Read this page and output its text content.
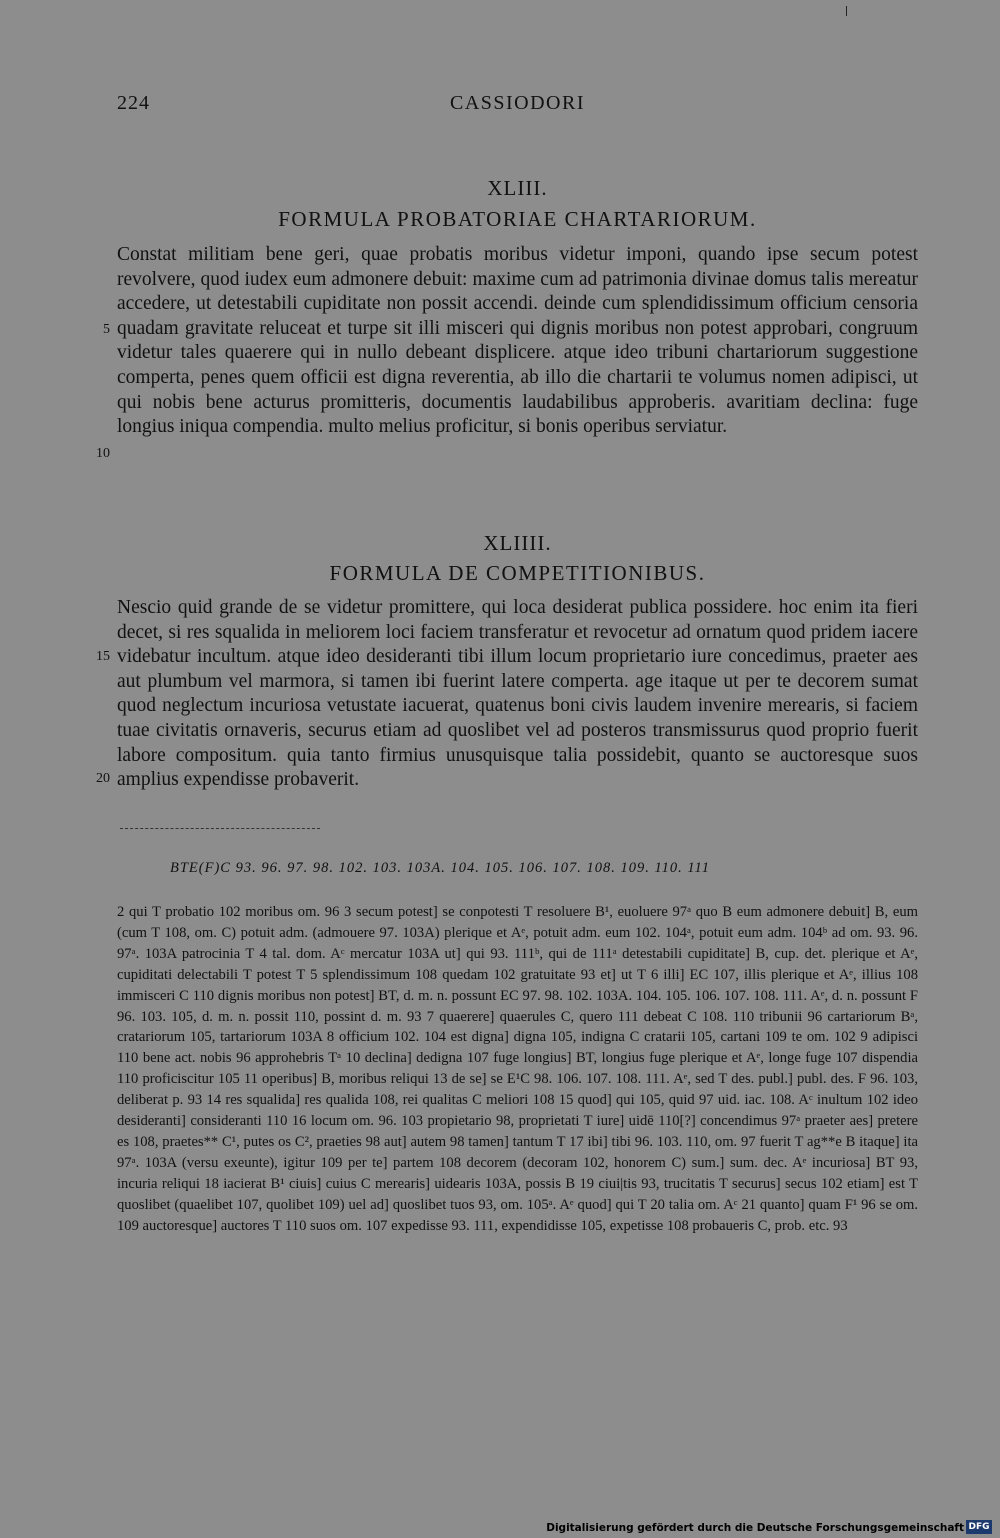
224	CASSIODORI
XLIII.
FORMULA PROBATORIAE CHARTARIORUM.
Constat militiam bene geri, quae probatis moribus videtur imponi, quando ipse secum potest revolvere, quod iudex eum admonere debuit: maxime cum ad patrimonia divinae domus talis mereatur accedere, ut detestabili cupiditate non possit accendi. deinde cum splendidissimum officium censoria quadam gravitate reluceat et turpe sit illi misceri qui dignis moribus non potest approbari, congruum videtur tales quaerere qui in nullo debeant displicere. atque ideo tribuni chartariorum suggestione comperta, penes quem officii est digna reverentia, ab illo die chartarii te volumus nomen adipisci, ut qui nobis bene acturus promitteris, documentis laudabilibus approberis. avaritiam declina: fuge longius iniqua compendia. multo melius proficitur, si bonis operibus serviatur.
XLIIII.
FORMULA DE COMPETITIONIBUS.
Nescio quid grande de se videtur promittere, qui loca desiderat publica possidere. hoc enim ita fieri decet, si res squalida in meliorem loci faciem transferatur et revocetur ad ornatum quod pridem iacere videbatur incultum. atque ideo desideranti tibi illum locum proprietario iure concedimus, praeter aes aut plumbum vel marmora, si tamen ibi fuerint latere comperta. age itaque ut per te decorem sumat quod neglectum incuriosa vetustate iacuerat, quatenus boni civis laudem invenire merearis, si faciem tuae civitatis ornaveris, securus etiam ad quoslibet vel ad posteros transmissurus quod proprio fuerit labore compositum. quia tanto firmius unusquisque talia possidebit, quanto se auctoresque suos amplius expendisse probaverit.
5
10
15
20
BTE(F)C 93. 96. 97. 98. 102. 103. 103A. 104. 105. 106. 107. 108. 109. 110. 111
2 qui T probatio 102 moribus om. 96 3 secum potest] se conpotesti T resoluere B¹, euoluere 97ᵃ quo B eum admonere debuit] B, eum (cum T 108, om. C) potuit adm. (admouere 97. 103A) plerique et Aᵉ, potuit adm. eum 102. 104ᵃ, potuit eum adm. 104ᵇ ad om. 93. 96. 97ᵃ. 103A patrocinia T 4 tal. dom. Aᶜ mercatur 103A ut] qui 93. 111ᵇ, qui de 111ᵃ detestabili cupiditate] B, cup. det. plerique et Aᵉ, cupiditati delectabili T potest T 5 splendissimum 108 quedam 102 gratuitate 93 et] ut T 6 illi] EC 107, illis plerique et Aᵉ, illius 108 immisceri C 110 dignis moribus non potest] BT, d. m. n. possunt EC 97. 98. 102. 103A. 104. 105. 106. 107. 108. 111. Aᵉ, d. n. possunt F 96. 103. 105, d. m. n. possit 110, possint d. m. 93 7 quaerere] quaerules C, quero 111 debeat C 108. 110 tribunii 96 cartariorum Bᵃ, cratariorum 105, tartariorum 103A 8 officium 102. 104 est digna] digna 105, indigna C cratarii 105, cartani 109 te om. 102 9 adipisci 110 bene act. nobis 96 approhebris Tᵃ 10 declina] dedigna 107 fuge longius] BT, longius fuge plerique et Aᵉ, longe fuge 107 dispendia 110 proficiscitur 105 11 operibus] B, moribus reliqui 13 de se] se E¹C 98. 106. 107. 108. 111. Aᵉ, sed T des. publ.] publ. des. F 96. 103, deliberat p. 93 14 res squalida] res qualida 108, rei qualitas C meliori 108 15 quod] qui 105, quid 97 uid. iac. 108. Aᶜ inultum 102 ideo desideranti] consideranti 110 16 locum om. 96. 103 propietario 98, proprietati T iure] uidē 110[?] concendimus 97ᵃ praeter aes] pretere es 108, praetes** C¹, putes os C², praeties 98 aut] autem 98 tamen] tantum T 17 ibi] tibi 96. 103. 110, om. 97 fuerit T ag**e B itaque] ita 97ᵃ. 103A (versu exeunte), igitur 109 per te] partem 108 decorem (decoram 102, honorem C) sum.] sum. dec. Aᵉ incuriosa] BT 93, incuria reliqui 18 iacierat B¹ ciuis] cuius C merearis] uidearis 103A, possis B 19 ciui|tis 93, trucitatis T securus] secus 102 etiam] est T quoslibet (quaelibet 107, quolibet 109) uel ad] quoslibet tuos 93, om. 105ᵃ. Aᵉ quod] qui T 20 talia om. Aᶜ 21 quanto] quam F¹ 96 se om. 109 auctoresque] auctores T 110 suos om. 107 expedisse 93. 111, expendidisse 105, expetisse 108 probaueris C, prob. etc. 93
Digitalisierung gefördert durch die Deutsche Forschungsgemeinschaft DFG
